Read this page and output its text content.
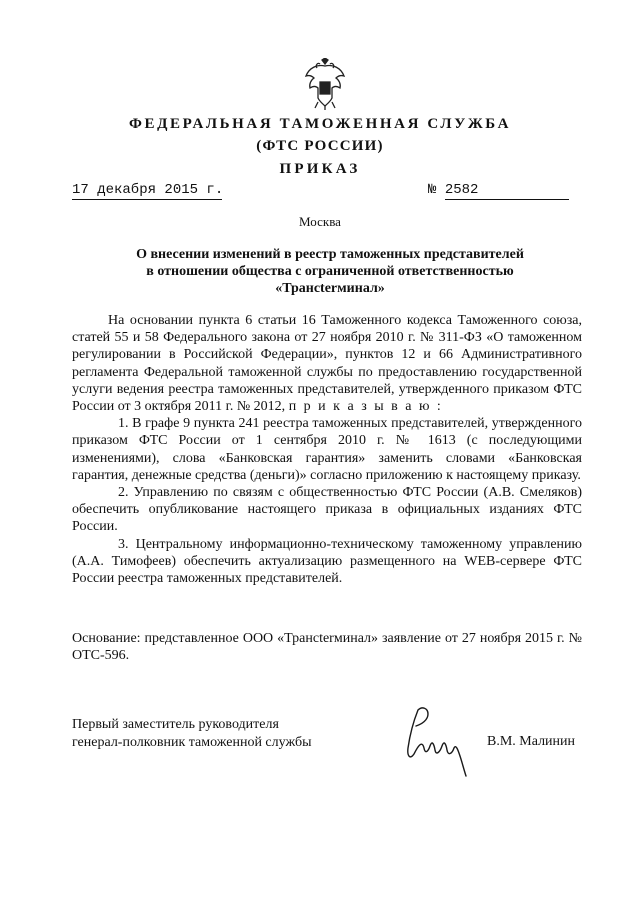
ФЕДЕРАЛЬНАЯ ТАМОЖЕННАЯ СЛУЖБА
(ФТС РОССИИ)
ПРИКАЗ
17 декабря 2015 г.	№ 2582
Москва
О внесении изменений в реестр таможенных представителей
в отношении общества с ограниченной ответственностью
«Трансterминал»

На основании пункта 6 статьи 16 Таможенного кодекса Таможенного союза, статей 55 и 58 Федерального закона от 27 ноября 2010 г. № 311-ФЗ «О таможенном регулировании в Российской Федерации», пунктов 12 и 66 Административного регламента Федеральной таможенной службы по предоставлению государственной услуги ведения реестра таможенных представителей, утвержденного приказом ФТС России от 3 октября 2011 г. № 2012, п р и к а з ы в а ю :

1. В графе 9 пункта 241 реестра таможенных представителей, утвержденного приказом ФТС России от 1 сентября 2010 г. № 1613 (с последующими изменениями), слова «Банковская гарантия» заменить словами «Банковская гарантия, денежные средства (деньги)» согласно приложению к настоящему приказу.

2. Управлению по связям с общественностью ФТС России (А.В. Смеляков) обеспечить опубликование настоящего приказа в официальных изданиях ФТС России.

3. Центральному информационно-техническому таможенному управлению (А.А. Тимофеев) обеспечить актуализацию размещенного на WEB-сервере ФТС России реестра таможенных представителей.

Основание: представленное ООО «Трансterминал» заявление от 27 ноября 2015 г. № ОТС-596.
Первый заместитель руководителя
генерал-полковник таможенной службы	В.М. Малинин
